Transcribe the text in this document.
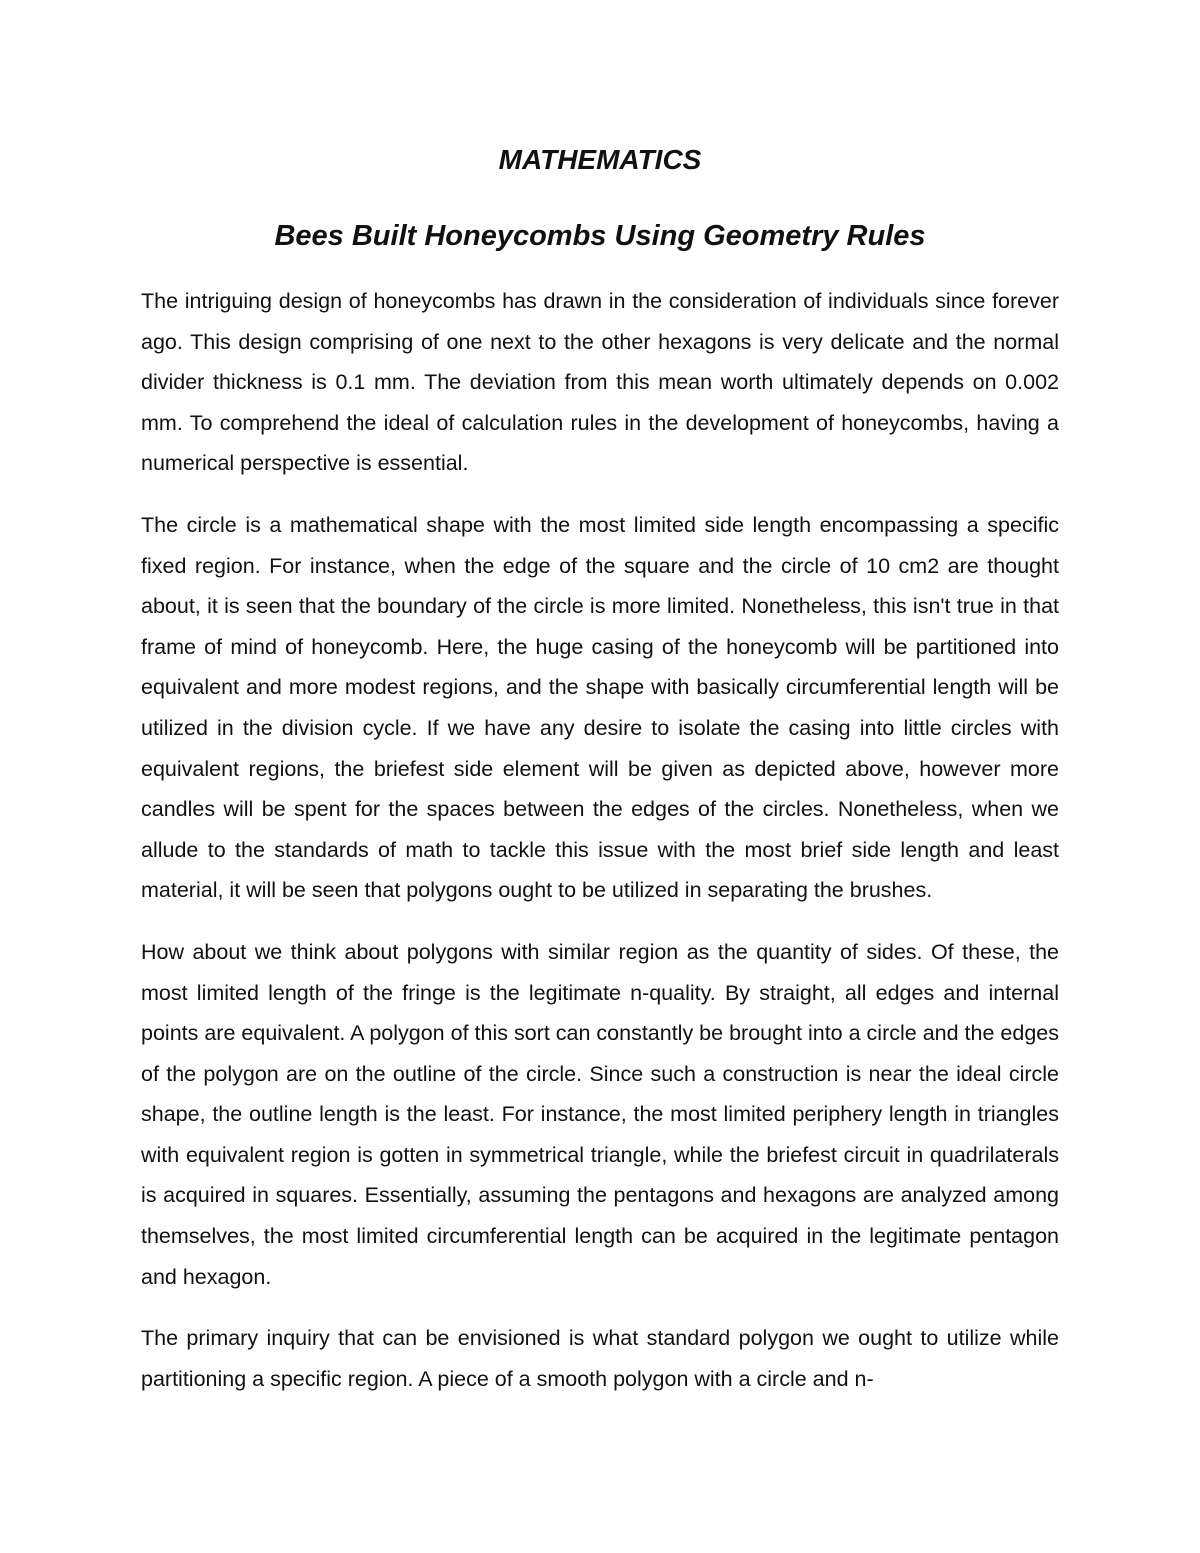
MATHEMATICS
Bees Built Honeycombs Using Geometry Rules

The intriguing design of honeycombs has drawn in the consideration of individuals since forever ago. This design comprising of one next to the other hexagons is very delicate and the normal divider thickness is 0.1 mm. The deviation from this mean worth ultimately depends on 0.002 mm. To comprehend the ideal of calculation rules in the development of honeycombs, having a numerical perspective is essential.

The circle is a mathematical shape with the most limited side length encompassing a specific fixed region. For instance, when the edge of the square and the circle of 10 cm2 are thought about, it is seen that the boundary of the circle is more limited. Nonetheless, this isn't true in that frame of mind of honeycomb. Here, the huge casing of the honeycomb will be partitioned into equivalent and more modest regions, and the shape with basically circumferential length will be utilized in the division cycle. If we have any desire to isolate the casing into little circles with equivalent regions, the briefest side element will be given as depicted above, however more candles will be spent for the spaces between the edges of the circles. Nonetheless, when we allude to the standards of math to tackle this issue with the most brief side length and least material, it will be seen that polygons ought to be utilized in separating the brushes.

How about we think about polygons with similar region as the quantity of sides. Of these, the most limited length of the fringe is the legitimate n-quality. By straight, all edges and internal points are equivalent. A polygon of this sort can constantly be brought into a circle and the edges of the polygon are on the outline of the circle. Since such a construction is near the ideal circle shape, the outline length is the least. For instance, the most limited periphery length in triangles with equivalent region is gotten in symmetrical triangle, while the briefest circuit in quadrilaterals is acquired in squares. Essentially, assuming the pentagons and hexagons are analyzed among themselves, the most limited circumferential length can be acquired in the legitimate pentagon and hexagon.

The primary inquiry that can be envisioned is what standard polygon we ought to utilize while partitioning a specific region. A piece of a smooth polygon with a circle and n-
